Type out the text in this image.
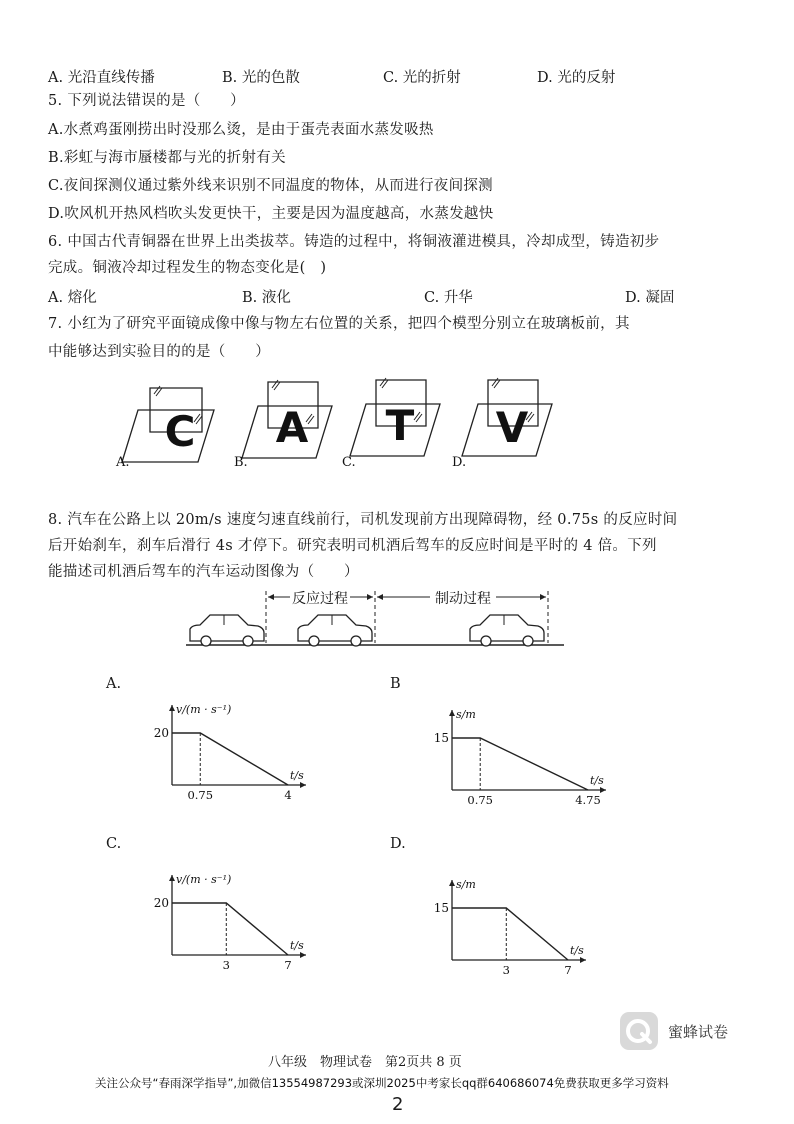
A. 光沿直线传播	B. 光的色散	C. 光的折射	D. 光的反射
5. 下列说法错误的是（　　）
A.水煮鸡蛋刚捞出时没那么烫，是由于蛋壳表面水蒸发吸热
B.彩虹与海市蜃楼都与光的折射有关
C.夜间探测仪通过紫外线来识别不同温度的物体，从而进行夜间探测
D.吹风机开热风档吹头发更快干，主要是因为温度越高，水蒸发越快
6. 中国古代青铜器在世界上出类拔萃。铸造的过程中，将铜液灌进模具，冷却成型，铸造初步
完成。铜液冷却过程发生的物态变化是(　)
A. 熔化	B. 液化	C. 升华	D. 凝固
7. 小红为了研究平面镜成像中像与物左右位置的关系，把四个模型分别立在玻璃板前，其
中能够达到实验目的的是（　　）
C
A.
A
B.
T
C.
V
D.
8. 汽车在公路上以 20m/s 速度匀速直线前行，司机发现前方出现障碍物，经 0.75s 的反应时间
后开始刹车，刹车后滑行 4s 才停下。研究表明司机酒后驾车的反应时间是平时的 4 倍。下列
能描述司机酒后驾车的汽车运动图像为（　　）
反应过程	制动过程
A.	B
C.	D.
v/(m · s⁻¹)
t/s
20
0.75	4
s/m
t/s
15
0.75	4.75
v/(m · s⁻¹)
t/s
20
3	7
s/m
t/s
15
3	7
蜜蜂试卷
八年级　物理试卷　第2页共 8 页
关注公众号“春雨深学指导”,加微信13554987293或深圳2025中考家长qq群640686074免费获取更多学习资料
2
